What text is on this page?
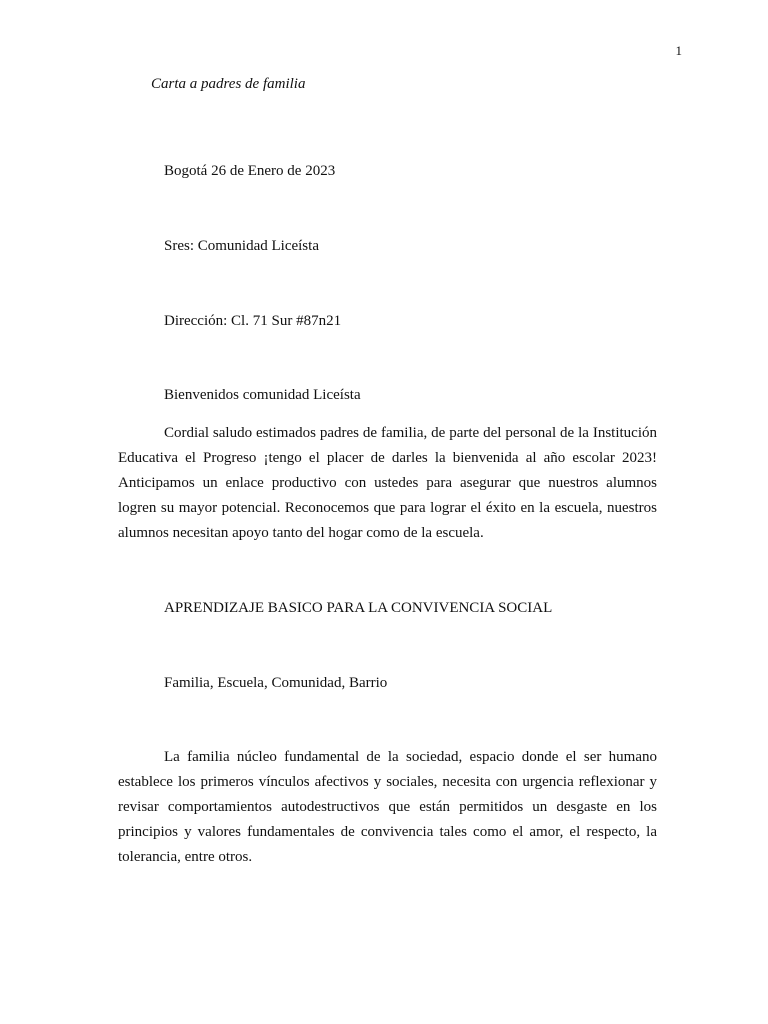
1
Carta a padres de familia
Bogotá 26 de Enero de 2023
Sres: Comunidad Liceísta
Dirección: Cl. 71 Sur #87n21
Bienvenidos comunidad Liceísta

Cordial saludo estimados padres de familia, de parte del personal de la Institución Educativa el Progreso ¡tengo el placer de darles la bienvenida al año escolar 2023! Anticipamos un enlace productivo con ustedes para asegurar que nuestros alumnos logren su mayor potencial. Reconocemos que para lograr el éxito en la escuela, nuestros alumnos necesitan apoyo tanto del hogar como de la escuela.

APRENDIZAJE BASICO PARA LA CONVIVENCIA SOCIAL
Familia, Escuela, Comunidad, Barrio

La familia núcleo fundamental de la sociedad, espacio donde el ser humano establece los primeros vínculos afectivos y sociales, necesita con urgencia reflexionar y revisar comportamientos autodestructivos que están permitidos un desgaste en los principios y valores fundamentales de convivencia tales como el amor, el respecto, la tolerancia, entre otros.
